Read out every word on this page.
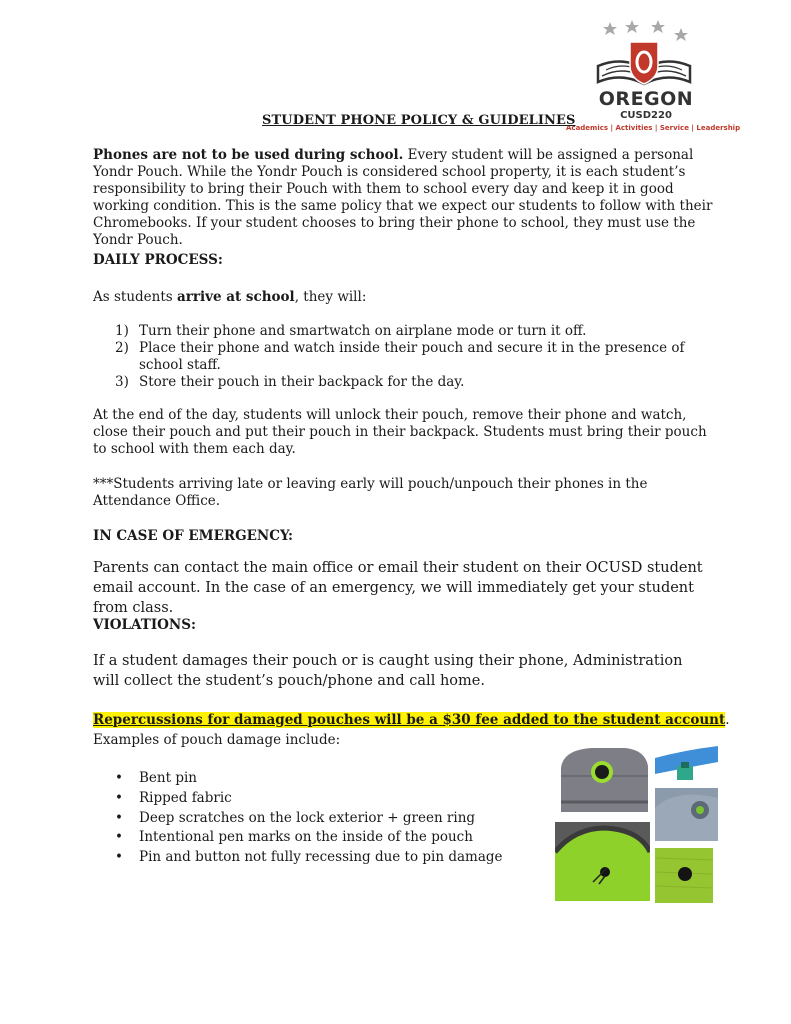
OREGON
CUSD220
Academics | Activities | Service | Leadership
STUDENT PHONE POLICY & GUIDELINES

Phones are not to be used during school. Every student will be assigned a personal Yondr Pouch. While the Yondr Pouch is considered school property, it is each student’s responsibility to bring their Pouch with them to school every day and keep it in good working condition. This is the same policy that we expect our students to follow with their Chromebooks. If your student chooses to bring their phone to school, they must use the Yondr Pouch.

DAILY PROCESS:

As students arrive at school, they will:

1) Turn their phone and smartwatch on airplane mode or turn it off.
2) Place their phone and watch inside their pouch and secure it in the presence of school staff.
3) Store their pouch in their backpack for the day.

At the end of the day, students will unlock their pouch, remove their phone and watch, close their pouch and put their pouch in their backpack. Students must bring their pouch to school with them each day.

***Students arriving late or leaving early will pouch/unpouch their phones in the Attendance Office.

IN CASE OF EMERGENCY:

Parents can contact the main office or email their student on their OCUSD student email account. In the case of an emergency, we will immediately get your student from class.

VIOLATIONS:

If a student damages their pouch or is caught using their phone, Administration will collect the student’s pouch/phone and call home.

Repercussions for damaged pouches will be a $30 fee added to the student account.

Examples of pouch damage include:

• Bent pin
• Ripped fabric
• Deep scratches on the lock exterior + green ring
• Intentional pen marks on the inside of the pouch
• Pin and button not fully recessing due to pin damage
